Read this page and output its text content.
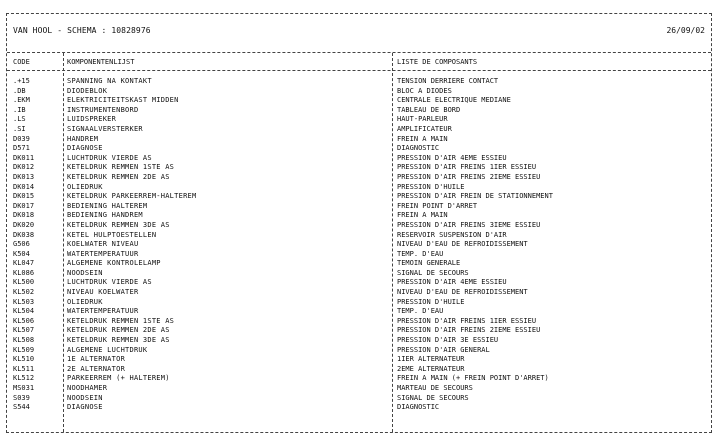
VAN HOOL - SCHEMA : 10828976	26/09/02
CODE	KOMPONENTENLIJST	LISTE DE COMPOSANTS
.+15	SPANNING NA KONTAKT	TENSION DERRIERE CONTACT
.DB	DIODEBLOK	BLOC A DIODES
.EKM	ELEKTRICITEITSKAST MIDDEN	CENTRALE ELECTRIQUE MEDIANE
.IB	INSTRUMENTENBORD	TABLEAU DE BORD
.LS	LUIDSPREKER	HAUT-PARLEUR
.SI	SIGNAALVERSTERKER	AMPLIFICATEUR
D039	HANDREM	FREIN A MAIN
D571	DIAGNOSE	DIAGNOSTIC
DK011	LUCHTDRUK VIERDE AS	PRESSION D'AIR 4EME ESSIEU
DK012	KETELDRUK REMMEN 1STE AS	PRESSION D'AIR FREINS 1IER ESSIEU
DK013	KETELDRUK REMMEN 2DE AS	PRESSION D'AIR FREINS 2IEME ESSIEU
DK014	OLIEDRUK	PRESSION D'HUILE
DK015	KETELDRUK PARKEERREM-HALTEREM	PRESSION D'AIR FREIN DE STATIONNEMENT
DK017	BEDIENING HALTEREM	FREIN POINT D'ARRET
DK018	BEDIENING HANDREM	FREIN A MAIN
DK020	KETELDRUK REMMEN 3DE AS	PRESSION D'AIR FREINS 3IEME ESSIEU
DK038	KETEL HULPTOESTELLEN	RESERVOIR SUSPENSION D'AIR
G506	KOELWATER NIVEAU	NIVEAU D'EAU DE REFROIDISSEMENT
K504	WATERTEMPERATUUR	TEMP. D'EAU
KL047	ALGEMENE KONTROLELAMP	TEMOIN GENERALE
KL086	NOODSEIN	SIGNAL DE SECOURS
KL500	LUCHTDRUK VIERDE AS	PRESSION D'AIR 4EME ESSIEU
KL502	NIVEAU KOELWATER	NIVEAU D'EAU DE REFROIDISSEMENT
KL503	OLIEDRUK	PRESSION D'HUILE
KL504	WATERTEMPERATUUR	TEMP. D'EAU
KL506	KETELDRUK REMMEN 1STE AS	PRESSION D'AIR FREINS 1IER ESSIEU
KL507	KETELDRUK REMMEN 2DE AS	PRESSION D'AIR FREINS 2IEME ESSIEU
KL508	KETELDRUK REMMEN 3DE AS	PRESSION D'AIR 3E ESSIEU
KL509	ALGEMENE LUCHTDRUK	PRESSION D'AIR GENERAL
KL510	1E ALTERNATOR	1IER ALTERNATEUR
KL511	2E ALTERNATOR	2EME ALTERNATEUR
KL512	PARKEERREM (+ HALTEREM)	FREIN A MAIN (+ FREIN POINT D'ARRET)
MS031	NOODHAMER	MARTEAU DE SECOURS
S039	NOODSEIN	SIGNAL DE SECOURS
S544	DIAGNOSE	DIAGNOSTIC
